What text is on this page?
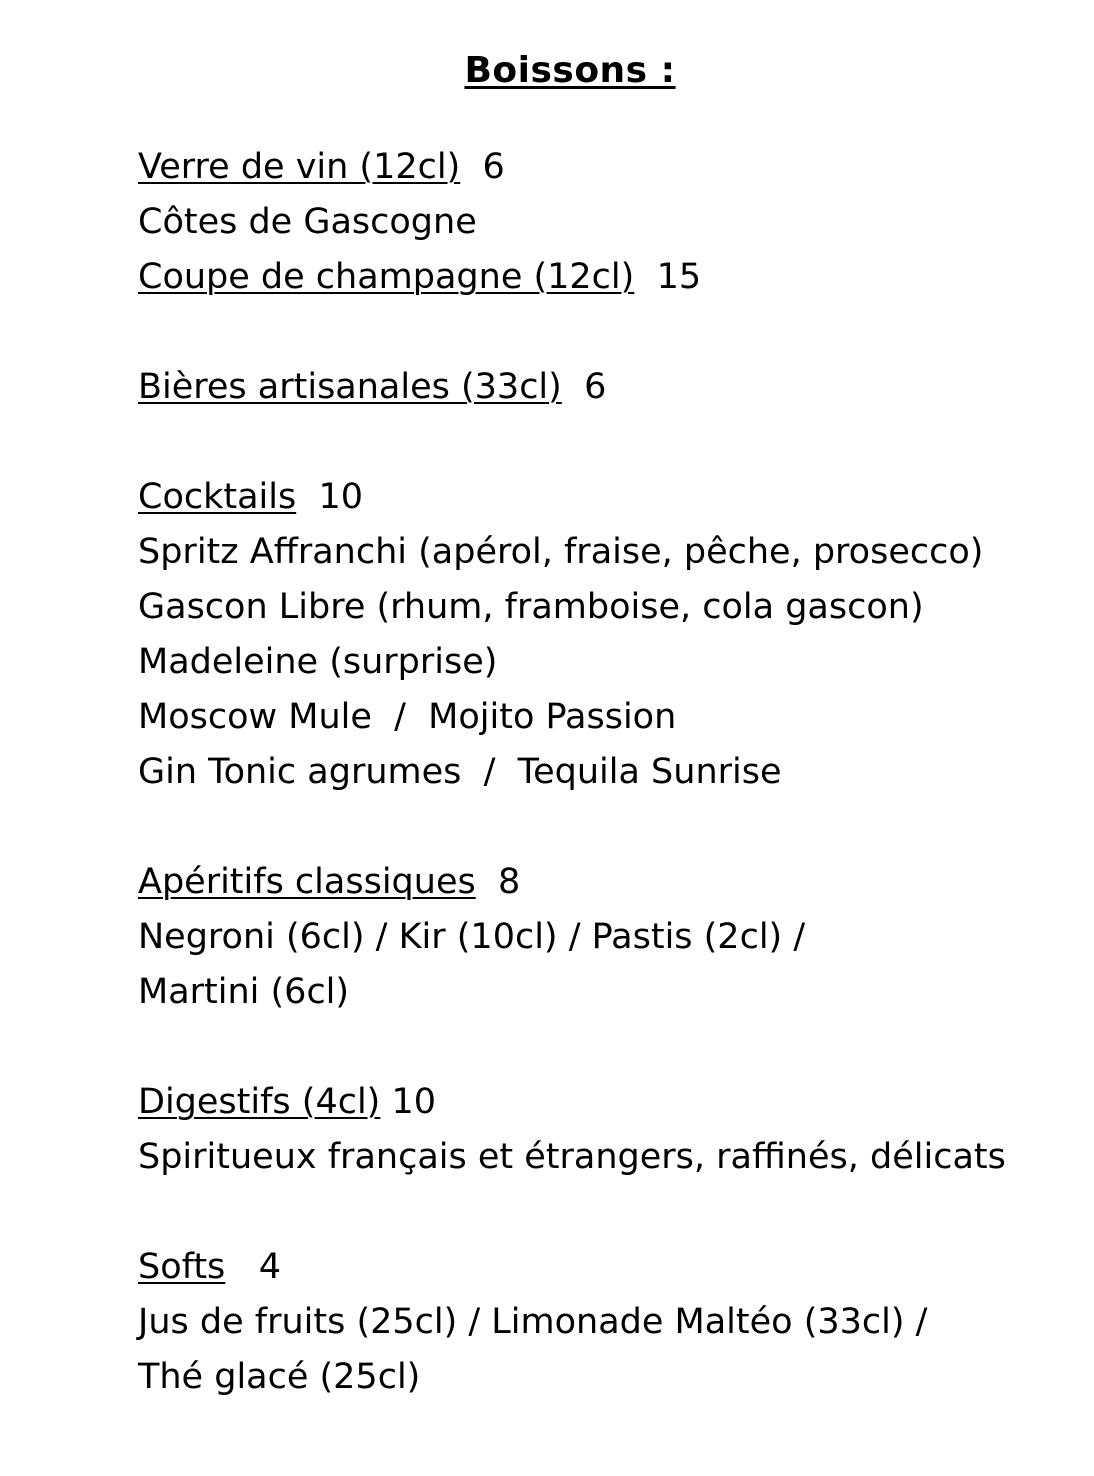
Boissons :
Verre de vin (12cl) 6
Côtes de Gascogne
Coupe de champagne (12cl) 15
Bières artisanales (33cl) 6
Cocktails 10
Spritz Affranchi (apérol, fraise, pêche, prosecco)
Gascon Libre (rhum, framboise, cola gascon)
Madeleine (surprise)
Moscow Mule  /  Mojito Passion
Gin Tonic agrumes  /  Tequila Sunrise
Apéritifs classiques 8
Negroni (6cl) / Kir (10cl) / Pastis (2cl) /
Martini (6cl)
Digestifs (4cl) 10
Spiritueux français et étrangers, raffinés, délicats
Softs 4
Jus de fruits (25cl) / Limonade Maltéo (33cl) /
Thé glacé (25cl)
